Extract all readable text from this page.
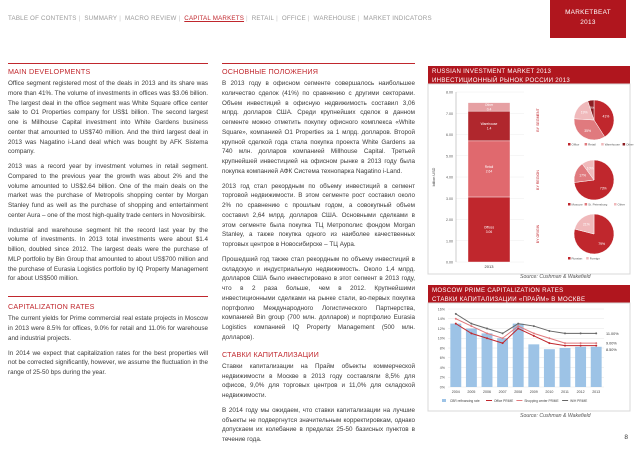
TABLE OF CONTENTS | SUMMARY | MACRO REVIEW | CAPITAL MARKETS | RETAIL | OFFICE | WAREHOUSE | MARKET INDICATORS
MARKETBEAT
2013
MAIN DEVELOPMENTS

Office segment registered most of the deals in 2013 and its share was more than 41%. The volume of investments in offices was $3.06 billion. The largest deal in the office segment was White Square office center sale to O1 Properties company for US$1 billion. The second largest one is Millhouse Capital investment into White Gardens business center that amounted to US$740 million. And the third largest deal in 2013 was Nagatino i-Land deal which was bought by AFK Sistema company.

2013 was a record year by investment volumes in retail segment. Compared to the previous year the growth was about 2% and the volume amounted to US$2.64 billion. One of the main deals on the market was the purchase of Metropolis shopping center by Morgan Stanley fund as well as the purchase of shopping and entertainment center Aura – one of the most high-quality trade centers in Novosibirsk.

Industrial and warehouse segment hit the record last year by the volume of investments. In 2013 total investments were about $1.4 billion, doubled since 2012. The largest deals were the purchase of MLP portfolio by Bin Group that amounted to about US$700 million and the purchase of Eurasia Logistics portfolio by IQ Property Management for about US$500 million.

CAPITALIZATION RATES

The current yields for Prime commercial real estate projects in Moscow in 2013 were 8.5% for offices, 9.0% for retail and 11.0% for warehouse and industrial projects.

In 2014 we expect that capitalization rates for the best properties will not be corrected significantly, however, we assume the fluctuation in the range of 25-50 bps during the year.

ОСНОВНЫЕ ПОЛОЖЕНИЯ

В 2013 году в офисном сегменте совершалось наибольшее количество сделок (41%) по сравнению с другими секторами. Объем инвестиций в офисную недвижимость составил 3,06 млрд. долларов США. Среди крупнейших сделок в данном сегменте можно отметить покупку офисного комплекса «White Square», компанией О1 Properties за 1 млрд. долларов. Второй крупной сделкой года стала покупка проекта White Gardens за 740 млн. долларов компанией Millhouse Capital. Третьей крупнейшей инвестицией на офисном рынке в 2013 году была покупка компанией АФК Система технопарка Nagatino i-Land.

2013 год стал рекордным по объему инвестиций в сегмент торговой недвижимости. В этом сегменте рост составил около 2% по сравнению с прошлым годом, а совокупный объем составил 2,64 млрд. долларов США. Основными сделками в этом сегменте была покупка ТЦ Метрополис фондом Morgan Stanley, а также покупка одного из наиболее качественных торговых центров в Новосибирске – ТЦ Аура.

Прошедший год также стал рекордным по объему инвестиций в складскую и индустриальную недвижимость. Около 1,4 млрд. долларов США было инвестировано в этот сегмент в 2013 году, что в 2 раза больше, чем в 2012. Крупнейшими инвестиционными сделками на рынке стали, во-первых покупка портфолио Международного Логистического Партнерства, компанией Bin group (700 млн. долларов) и портфолио Eurasia Logistics компанией IQ Property Management (500 млн. долларов).

СТАВКИ КАПИТАЛИЗАЦИИ

Ставки капитализации на Прайм объекты коммерческой недвижимости в Москве в 2013 году составляли 8,5% для офисов, 9,0% для торговых центров и 11,0% для складской недвижимости.

В 2014 году мы ожидаем, что ставки капитализации на лучшие объекты не подвергнутся значительным корректировкам, однако допускаем их колебание в пределах 25-50 базисных пунктов в течение года.

RUSSIAN INVESTMENT MARKET 2013
ИНВЕСТИЦИОННЫЙ РЫНОК РОССИИ 2013
0.00
1.00
2.00
3.00
4.00
5.00
6.00
7.00
8.00
billion USD
Offices
3.06
Retail
2.64
Warehouse
1.4
Other
0.4
2013
41%
35%
19%
5%
BY SEGMENT
Office	Retail	Warehouse Other
73%
17%
10%
BY REGION
Moscow St. Petersburg	Other
79%
21%
BY ORIGIN
Russian Foreign
Source: Cushman & Wakefield
MOSCOW PRIME CAPITALIZATION RATES
СТАВКИ КАПИТАЛИЗАЦИИ «ПРАЙМ» В МОСКВЕ
0%
2%
4%
6%
8%
10%
12%
14%
16%
2004 2005 2006 2007 2008 2009 2010 2011 2012 2013
11.00%
9.00%
8.50%
CBR refinancing rate	Office PRIME	Shopping center PRIME	W/H PRIME
Source: Cushman & Wakefield
8
